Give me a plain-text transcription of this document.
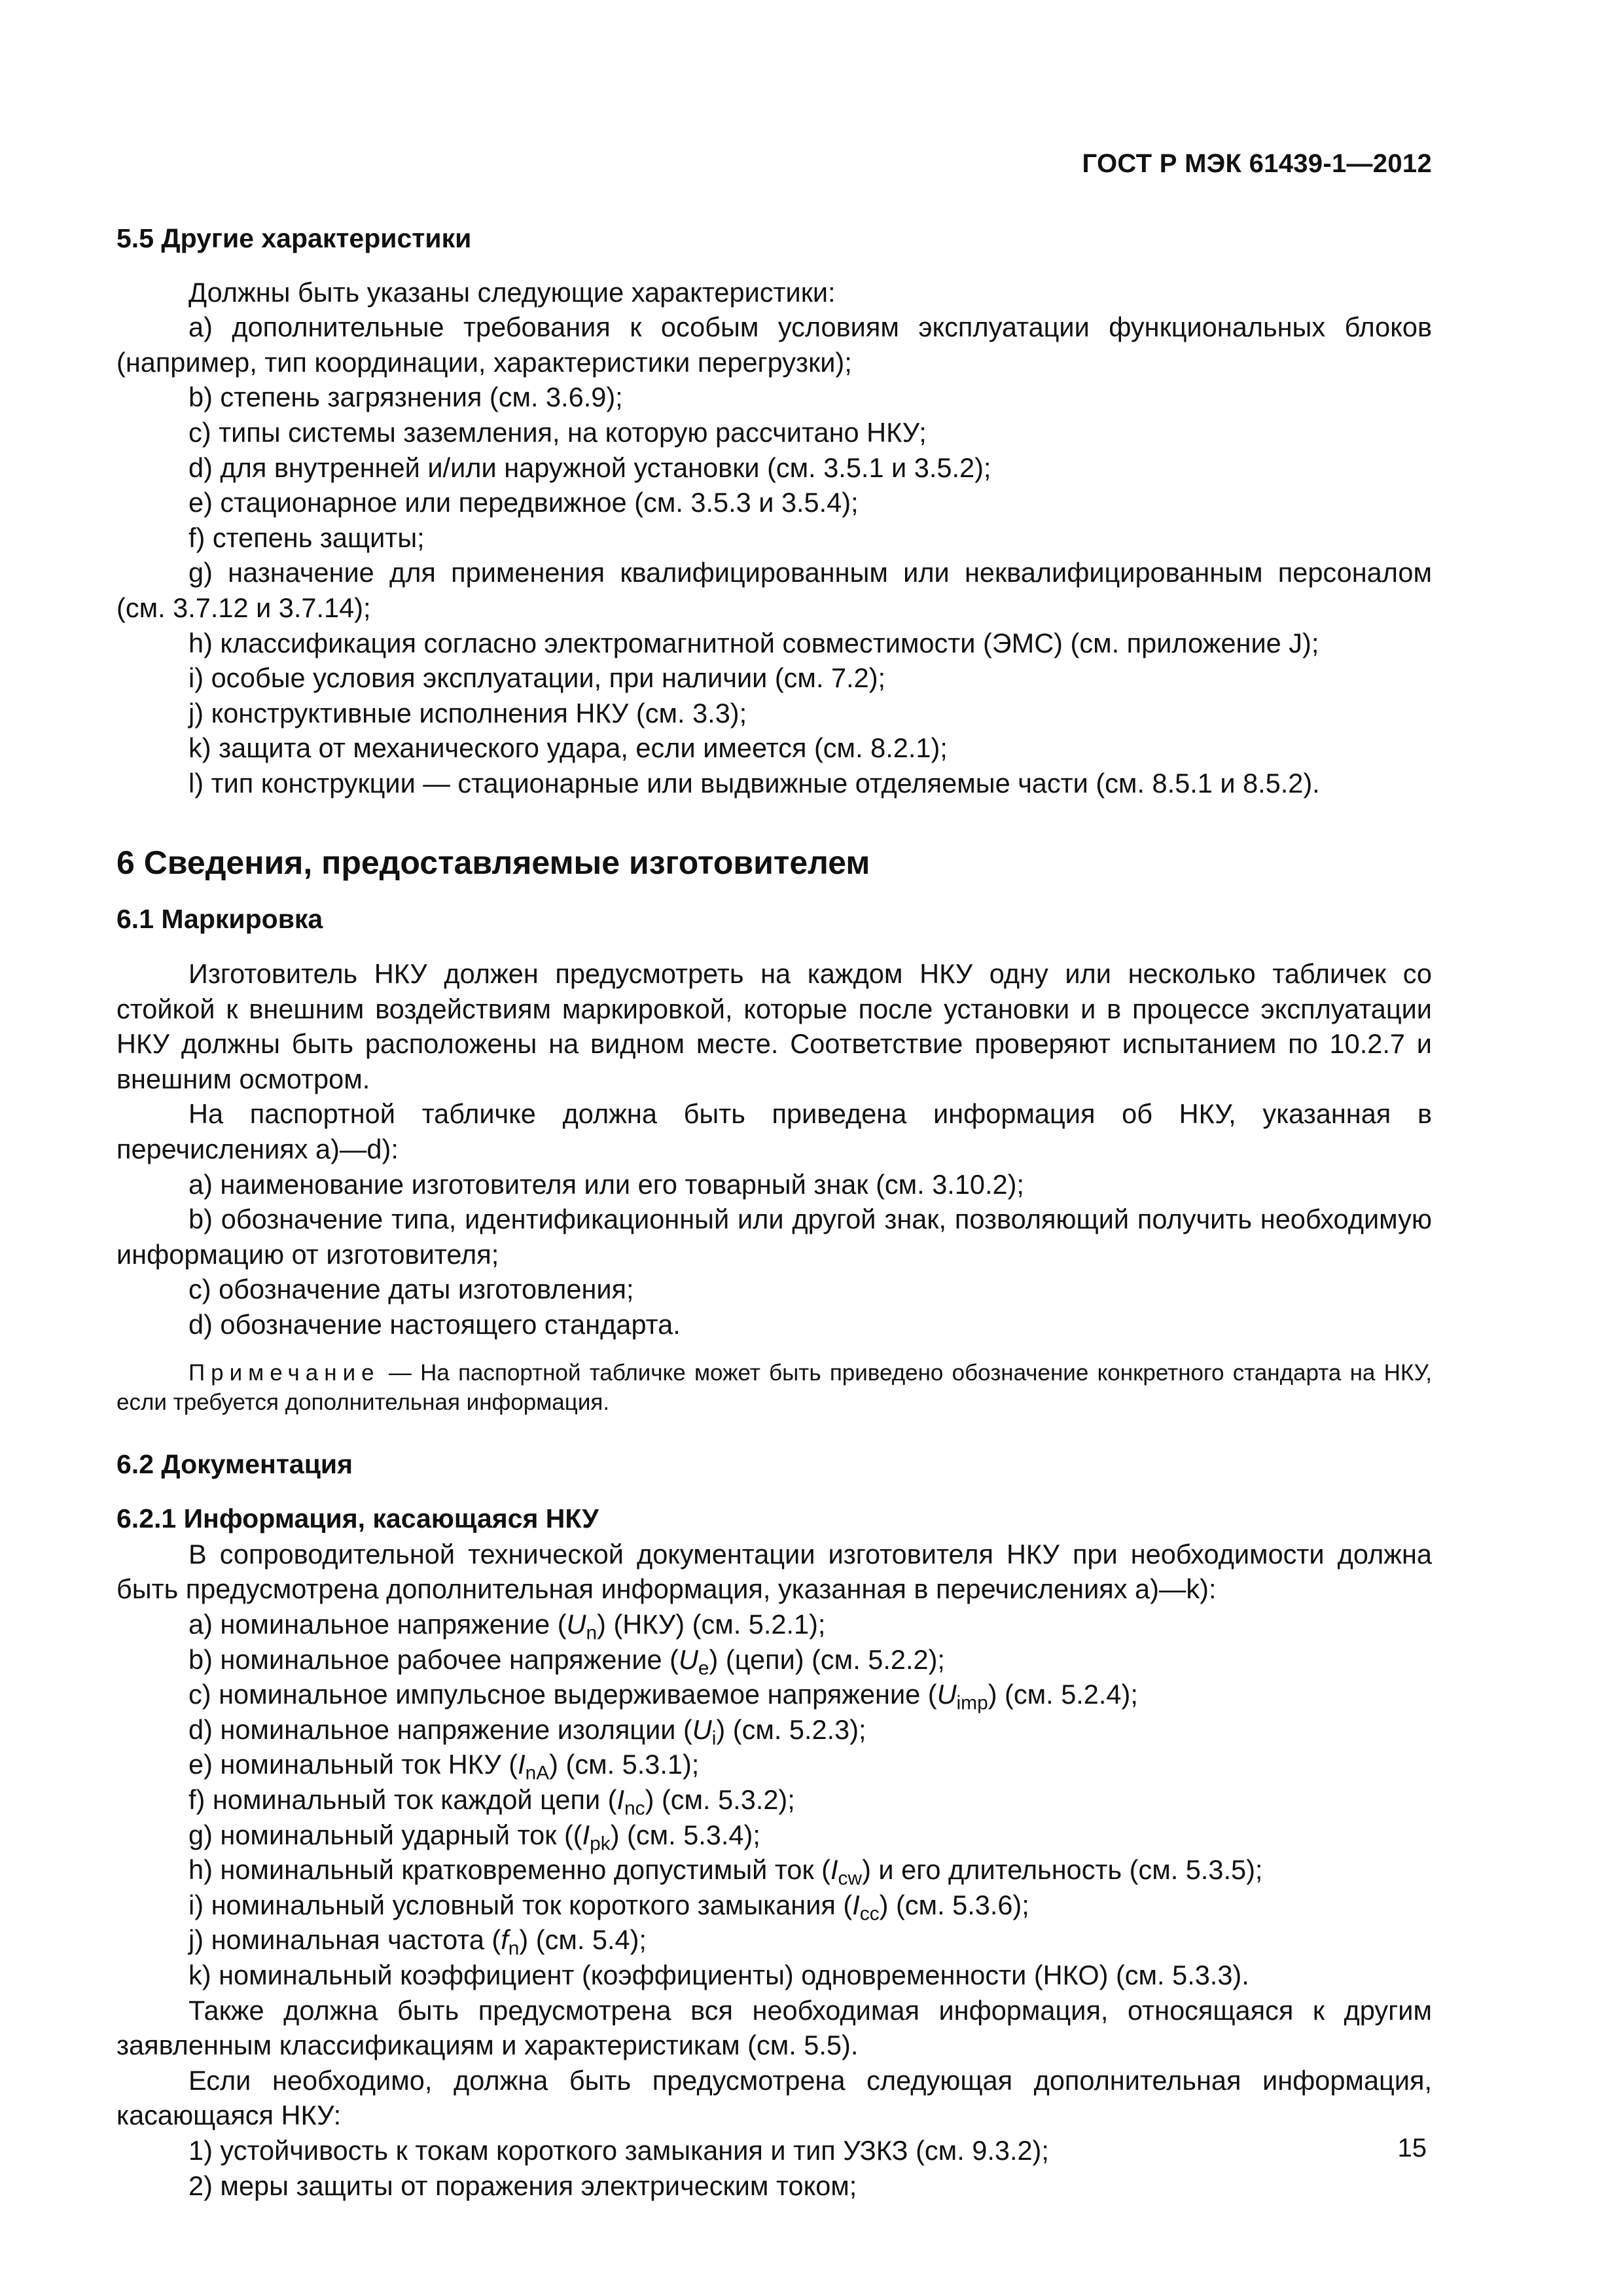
ГОСТ Р МЭК 61439-1—2012

5.5 Другие характеристики

Должны быть указаны следующие характеристики:

а) дополнительные требования к особым условиям эксплуатации функциональных блоков (например, тип координации, характеристики перегрузки);

b) степень загрязнения (см. 3.6.9);

с) типы системы заземления, на которую рассчитано НКУ;

d) для внутренней и/или наружной установки (см. 3.5.1 и 3.5.2);

е) стационарное или передвижное (см. 3.5.3 и 3.5.4);

f) степень защиты;

g) назначение для применения квалифицированным или неквалифицированным персоналом (см. 3.7.12 и 3.7.14);

h) классификация согласно электромагнитной совместимости (ЭМС) (см. приложение J);

i) особые условия эксплуатации, при наличии (см. 7.2);

j) конструктивные исполнения НКУ (см. 3.3);

k) защита от механического удара, если имеется (см. 8.2.1);

l) тип конструкции — стационарные или выдвижные отделяемые части (см. 8.5.1 и 8.5.2).

6 Сведения, предоставляемые изготовителем

6.1 Маркировка

Изготовитель НКУ должен предусмотреть на каждом НКУ одну или несколько табличек со стойкой к внешним воздействиям маркировкой, которые после установки и в процессе эксплуатации НКУ должны быть расположены на видном месте. Соответствие проверяют испытанием по 10.2.7 и внешним осмотром.

На паспортной табличке должна быть приведена информация об НКУ, указанная в перечислениях а)—d):

а) наименование изготовителя или его товарный знак (см. 3.10.2);

b) обозначение типа, идентификационный или другой знак, позволяющий получить необходимую информацию от изготовителя;

с) обозначение даты изготовления;

d) обозначение настоящего стандарта.

Примечание — На паспортной табличке может быть приведено обозначение конкретного стандарта на НКУ, если требуется дополнительная информация.

6.2 Документация

6.2.1 Информация, касающаяся НКУ

В сопроводительной технической документации изготовителя НКУ при необходимости должна быть предусмотрена дополнительная информация, указанная в перечислениях а)—k):

а) номинальное напряжение $(U_n)$ (НКУ) (см. 5.2.1);

b) номинальное рабочее напряжение $(U_e)$ (цепи) (см. 5.2.2);

с) номинальное импульсное выдерживаемое напряжение $(U_{imp})$ (см. 5.2.4);

d) номинальное напряжение изоляции $(U_i)$ (см. 5.2.3);

е) номинальный ток НКУ $(I_{nA})$ (см. 5.3.1);

f) номинальный ток каждой цепи $(I_{nc})$ (см. 5.3.2);

g) номинальный ударный ток ($(I_{pk})$ (см. 5.3.4);

h) номинальный кратковременно допустимый ток $(I_{cw})$ и его длительность (см. 5.3.5);

i) номинальный условный ток короткого замыкания $(I_{cc})$ (см. 5.3.6);

j) номинальная частота $(f_n)$ (см. 5.4);

k) номинальный коэффициент (коэффициенты) одновременности (НКО) (см. 5.3.3).

Также должна быть предусмотрена вся необходимая информация, относящаяся к другим заявленным классификациям и характеристикам (см. 5.5).

Если необходимо, должна быть предусмотрена следующая дополнительная информация, касающаяся НКУ:

1) устойчивость к токам короткого замыкания и тип УЗКЗ (см. 9.3.2);

2) меры защиты от поражения электрическим током;

15
